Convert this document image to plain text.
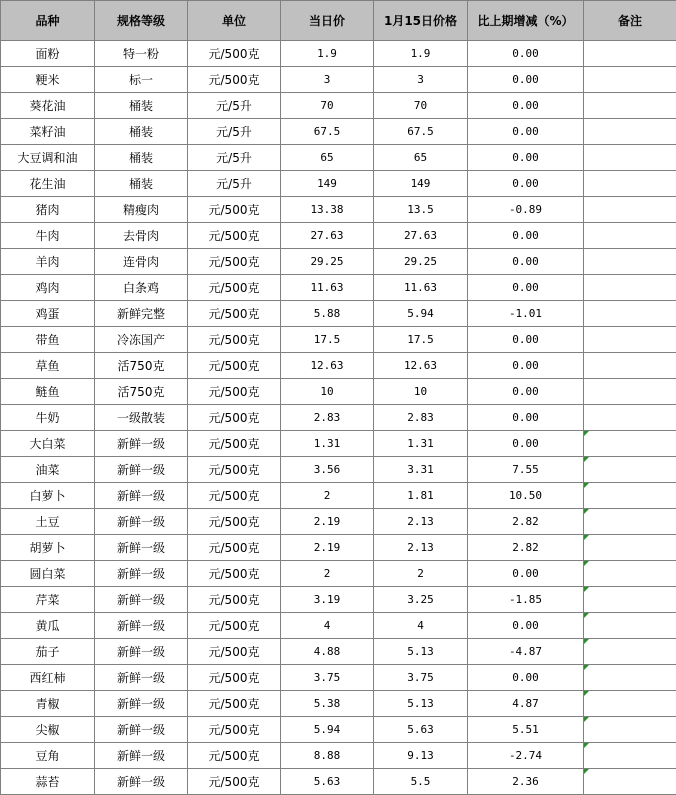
品种	规格等级	单位	当日价	1月15日价格	比上期增减（%）	备注
面粉	特一粉	元/500克	1.9	1.9	0.00	
粳米	标一	元/500克	3	3	0.00	
葵花油	桶装	元/5升	70	70	0.00	
菜籽油	桶装	元/5升	67.5	67.5	0.00	
大豆调和油	桶装	元/5升	65	65	0.00	
花生油	桶装	元/5升	149	149	0.00	
猪肉	精瘦肉	元/500克	13.38	13.5	-0.89	
牛肉	去骨肉	元/500克	27.63	27.63	0.00	
羊肉	连骨肉	元/500克	29.25	29.25	0.00	
鸡肉	白条鸡	元/500克	11.63	11.63	0.00	
鸡蛋	新鲜完整	元/500克	5.88	5.94	-1.01	
带鱼	冷冻国产	元/500克	17.5	17.5	0.00	
草鱼	活750克	元/500克	12.63	12.63	0.00	
鲢鱼	活750克	元/500克	10	10	0.00	
牛奶	一级散装	元/500克	2.83	2.83	0.00	
大白菜	新鲜一级	元/500克	1.31	1.31	0.00	

油菜	新鲜一级	元/500克	3.56	3.31	7.55	

白萝卜	新鲜一级	元/500克	2	1.81	10.50	

土豆	新鲜一级	元/500克	2.19	2.13	2.82	

胡萝卜	新鲜一级	元/500克	2.19	2.13	2.82	

圆白菜	新鲜一级	元/500克	2	2	0.00	

芹菜	新鲜一级	元/500克	3.19	3.25	-1.85	

黄瓜	新鲜一级	元/500克	4	4	0.00	

茄子	新鲜一级	元/500克	4.88	5.13	-4.87	

西红柿	新鲜一级	元/500克	3.75	3.75	0.00	

青椒	新鲜一级	元/500克	5.38	5.13	4.87	

尖椒	新鲜一级	元/500克	5.94	5.63	5.51	

豆角	新鲜一级	元/500克	8.88	9.13	-2.74	

蒜苔	新鲜一级	元/500克	5.63	5.5	2.36	
